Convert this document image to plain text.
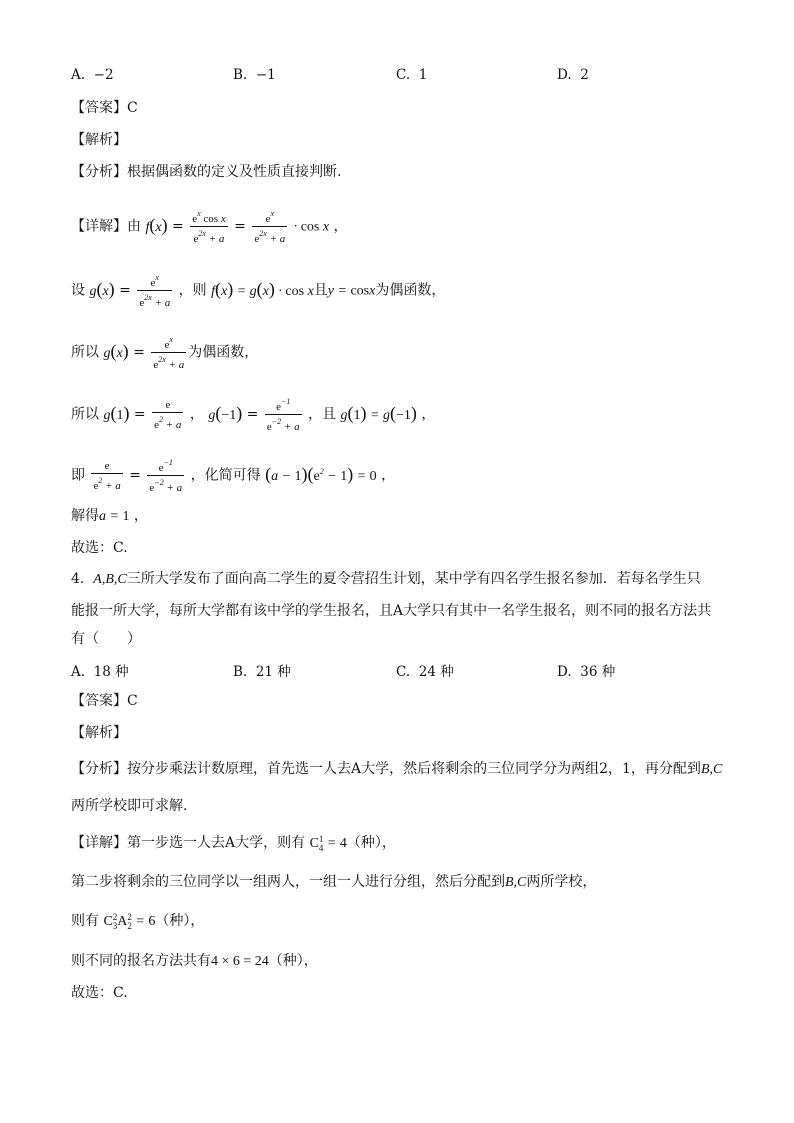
A. −2	B. −1	C. 1	D. 2
【答案】C
【解析】
【分析】根据偶函数的定义及性质直接判断.
【详解】由 $f(x) = \frac{e^x \cos x}{e^{2x} + a} = \frac{e^x}{e^{2x} + a} \cdot \cos x$ ，
设 $g(x) = \frac{e^x}{e^{2x} + a}$ ，则 f(x) = g(x) · cos x且y = cosx为偶函数，
所以 $g(x) = \frac{e^x}{e^{2x} + a}$ 为偶函数，
所以 $g(1) = \frac{e}{e^2 + a}$ ， $g(-1) = \frac{e^{-1}}{e^{-2} + a}$ ，且 g(1) = g(−1) ，
即 $\frac{e}{e^2 + a} = \frac{e^{-1}}{e^{-2} + a}$ ，化简可得 $(a - 1)(e^2 - 1) = 0$ ，
解得a = 1 ，
故选：C.
4. A,B,C三所大学发布了面向高二学生的夏令营招生计划，某中学有四名学生报名参加．若每名学生只
能报一所大学，每所大学都有该中学的学生报名，且A大学只有其中一名学生报名，则不同的报名方法共
有（　　）
A. 18 种	B. 21 种	C. 24 种	D. 36 种
【答案】C
【解析】
【分析】按分步乘法计数原理，首先选一人去A大学，然后将剩余的三位同学分为两组2，1，再分配到B,C
两所学校即可求解.
【详解】第一步选一人去A大学，则有 C 1
4 = 4（种），
第二步将剩余的三位同学以一组两人，一组一人进行分组，然后分配到B,C两所学校，
则有 C 2
3 A 2
2 = 6（种），
则不同的报名方法共有4 × 6 = 24（种），
故选：C.
